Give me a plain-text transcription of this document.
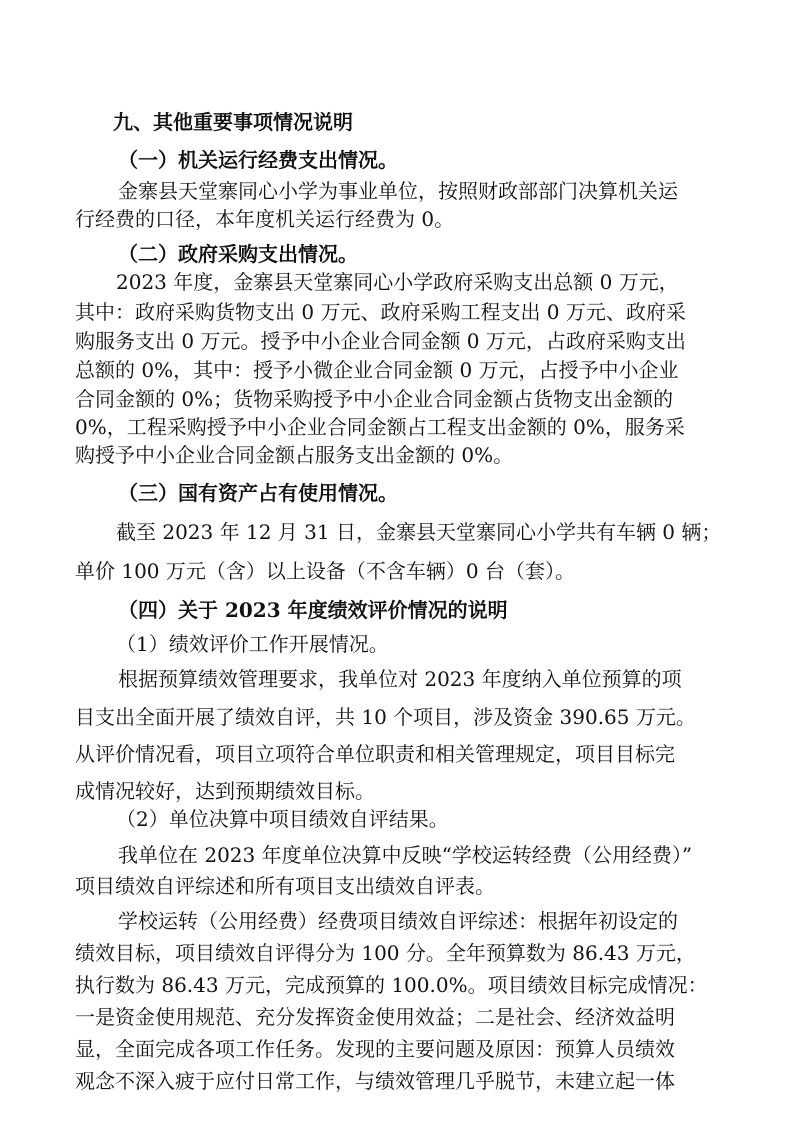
九、其他重要事项情况说明
（一）机关运行经费支出情况。
金寨县天堂寨同心小学为事业单位，按照财政部部门决算机关运
行经费的口径，本年度机关运行经费为 0。
（二）政府采购支出情况。
2023 年度，金寨县天堂寨同心小学政府采购支出总额 0 万元，
其中：政府采购货物支出 0 万元、政府采购工程支出 0 万元、政府采
购服务支出 0 万元。授予中小企业合同金额 0 万元，占政府采购支出
总额的 0%，其中：授予小微企业合同金额 0 万元，占授予中小企业
合同金额的 0%；货物采购授予中小企业合同金额占货物支出金额的
0%，工程采购授予中小企业合同金额占工程支出金额的 0%，服务采
购授予中小企业合同金额占服务支出金额的 0%。
（三）国有资产占有使用情况。
截至 2023 年 12 月 31 日，金寨县天堂寨同心小学共有车辆 0 辆；
单价 100 万元（含）以上设备（不含车辆）0 台（套）。
（四）关于 2023 年度绩效评价情况的说明
（1）绩效评价工作开展情况。
根据预算绩效管理要求，我单位对 2023 年度纳入单位预算的项
目支出全面开展了绩效自评，共 10 个项目，涉及资金 390.65 万元。
从评价情况看，项目立项符合单位职责和相关管理规定，项目目标完
成情况较好，达到预期绩效目标。
（2）单位决算中项目绩效自评结果。
我单位在 2023 年度单位决算中反映“学校运转经费（公用经费）”
项目绩效自评综述和所有项目支出绩效自评表。
学校运转（公用经费）经费项目绩效自评综述：根据年初设定的
绩效目标，项目绩效自评得分为 100 分。全年预算数为 86.43 万元，
执行数为 86.43 万元，完成预算的 100.0%。项目绩效目标完成情况：
一是资金使用规范、充分发挥资金使用效益；二是社会、经济效益明
显，全面完成各项工作任务。发现的主要问题及原因：预算人员绩效
观念不深入疲于应付日常工作，与绩效管理几乎脱节，未建立起一体
